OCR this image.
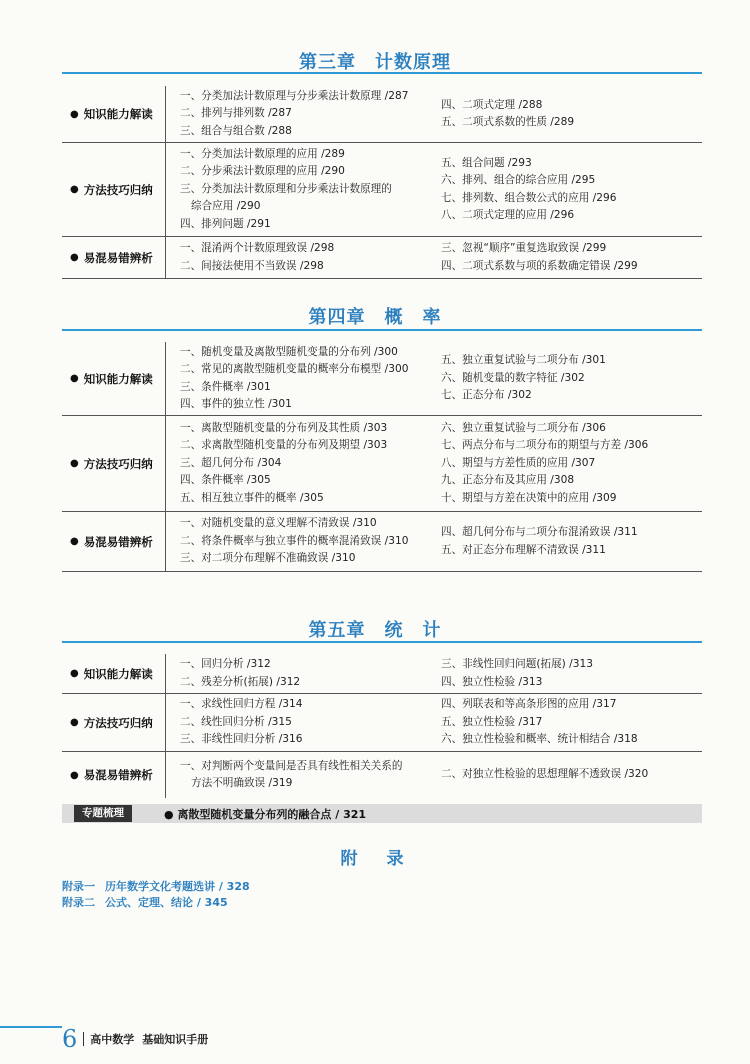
第三章　计数原理
● 知识能力解读
一、分类加法计数原理与分步乘法计数原理 /287
二、排列与排列数 /287
三、组合与组合数 /288
四、二项式定理 /288
五、二项式系数的性质 /289
● 方法技巧归纳
一、分类加法计数原理的应用 /289
二、分步乘法计数原理的应用 /290
三、分类加法计数原理和分步乘法计数原理的
综合应用 /290
四、排列问题 /291
五、组合问题 /293
六、排列、组合的综合应用 /295
七、排列数、组合数公式的应用 /296
八、二项式定理的应用 /296
● 易混易错辨析
一、混淆两个计数原理致误 /298
二、间接法使用不当致误 /298
三、忽视“顺序”重复选取致误 /299
四、二项式系数与项的系数确定错误 /299
第四章　概　率
● 知识能力解读
一、随机变量及离散型随机变量的分布列 /300
二、常见的离散型随机变量的概率分布模型 /300
三、条件概率 /301
四、事件的独立性 /301
五、独立重复试验与二项分布 /301
六、随机变量的数字特征 /302
七、正态分布 /302
● 方法技巧归纳
一、离散型随机变量的分布列及其性质 /303
二、求离散型随机变量的分布列及期望 /303
三、超几何分布 /304
四、条件概率 /305
五、相互独立事件的概率 /305
六、独立重复试验与二项分布 /306
七、两点分布与二项分布的期望与方差 /306
八、期望与方差性质的应用 /307
九、正态分布及其应用 /308
十、期望与方差在决策中的应用 /309
● 易混易错辨析
一、对随机变量的意义理解不清致误 /310
二、将条件概率与独立事件的概率混淆致误 /310
三、对二项分布理解不准确致误 /310
四、超几何分布与二项分布混淆致误 /311
五、对正态分布理解不清致误 /311
第五章　统　计
● 知识能力解读
一、回归分析 /312
二、残差分析(拓展) /312
三、非线性回归问题(拓展) /313
四、独立性检验 /313
● 方法技巧归纳
一、求线性回归方程 /314
二、线性回归分析 /315
三、非线性回归分析 /316
四、列联表和等高条形图的应用 /317
五、独立性检验 /317
六、独立性检验和概率、统计相结合 /318
● 易混易错辨析
一、对判断两个变量间是否具有线性相关关系的
方法不明确致误 /319
二、对独立性检验的思想理解不透致误 /320
专题梳理	● 离散型随机变量分布列的融合点 / 321
附　录
附录一 历年数学文化考题选讲 / 328
附录二 公式、定理、结论 / 345
6 高中数学 基础知识手册
